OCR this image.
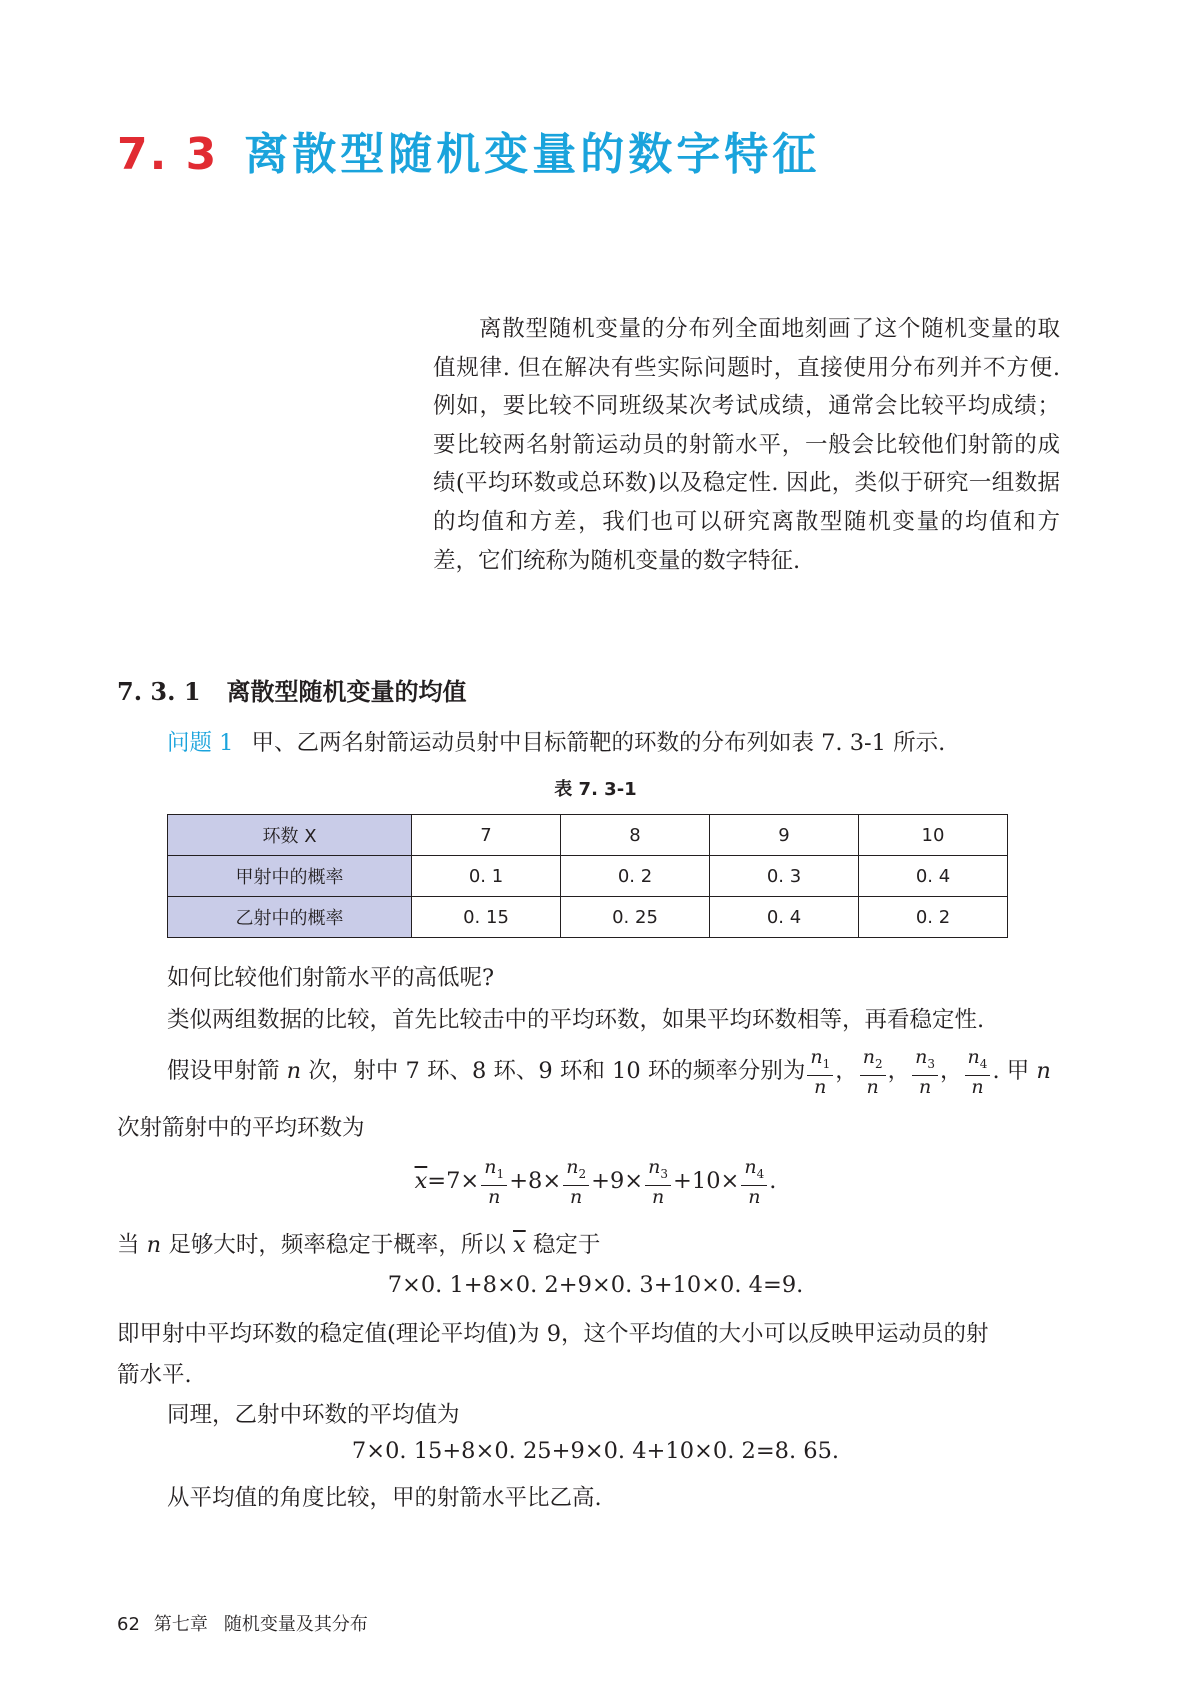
7. 3 离散型随机变量的数字特征

离散型随机变量的分布列全面地刻画了这个随机变量的取值规律. 但在解决有些实际问题时，直接使用分布列并不方便. 例如，要比较不同班级某次考试成绩，通常会比较平均成绩；要比较两名射箭运动员的射箭水平，一般会比较他们射箭的成绩(平均环数或总环数)以及稳定性. 因此，类似于研究一组数据的均值和方差，我们也可以研究离散型随机变量的均值和方差，它们统称为随机变量的数字特征.

7. 3. 1 离散型随机变量的均值
问题 1 甲、乙两名射箭运动员射中目标箭靶的环数的分布列如表 7. 3-1 所示.
表 7. 3-1
环数 X	7	8	9	10
甲射中的概率	0. 1	0. 2	0. 3	0. 4
乙射中的概率	0. 15	0. 25	0. 4	0. 2
如何比较他们射箭水平的高低呢?
类似两组数据的比较，首先比较击中的平均环数，如果平均环数相等，再看稳定性.
假设甲射箭 n 次，射中 7 环、8 环、9 环和 10 环的频率分别为 $\frac{n_1}{n}$ ， $\frac{n_2}{n}$ ， $\frac{n_3}{n}$ ， $\frac{n_4}{n}$ . 甲 n
次射箭射中的平均环数为
$\overline{x}=7\times \frac{n_1}{n} +8\times \frac{n_2}{n} +9\times \frac{n_3}{n} +10\times \frac{n_4}{n}$ .
当 n 足够大时，频率稳定于概率，所以 $\overline{x}$ 稳定于
7×0. 1+8×0. 2+9×0. 3+10×0. 4=9.
即甲射中平均环数的稳定值(理论平均值)为 9，这个平均值的大小可以反映甲运动员的射
箭水平.
同理，乙射中环数的平均值为
7×0. 15+8×0. 25+9×0. 4+10×0. 2=8. 65.
从平均值的角度比较，甲的射箭水平比乙高.
62 第七章 随机变量及其分布
